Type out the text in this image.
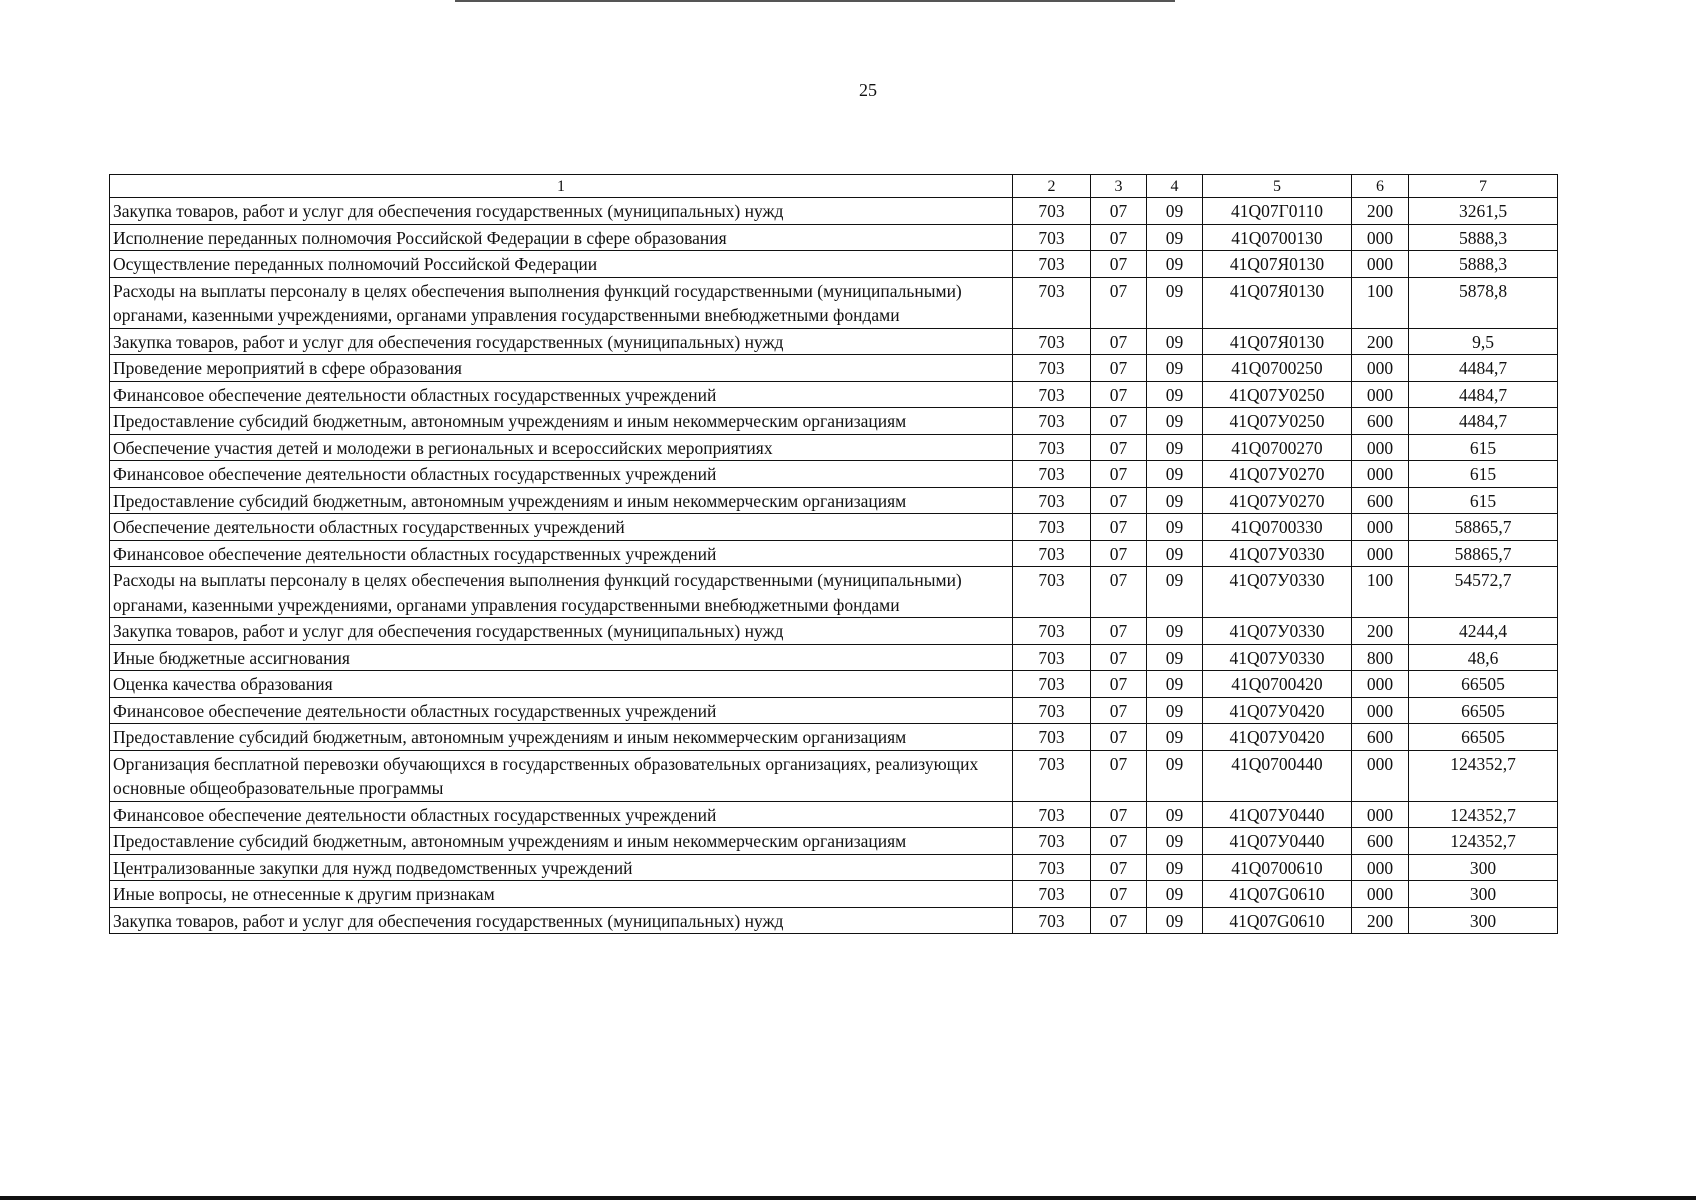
25
1	2	3	4	5	6	7
Закупка товаров, работ и услуг для обеспечения государственных (муниципальных) нужд	703	07	09	41Q07Г0110	200	3261,5
Исполнение переданных полномочия Российской Федерации в сфере образования	703	07	09	41Q0700130	000	5888,3
Осуществление переданных полномочий Российской Федерации	703	07	09	41Q07Я0130	000	5888,3
Расходы на выплаты персоналу в целях обеспечения выполнения функций государственными (муниципальными) органами, казенными учреждениями, органами управления государственными внебюджетными фондами	703	07	09	41Q07Я0130	100	5878,8
Закупка товаров, работ и услуг для обеспечения государственных (муниципальных) нужд	703	07	09	41Q07Я0130	200	9,5
Проведение мероприятий в сфере образования	703	07	09	41Q0700250	000	4484,7
Финансовое обеспечение деятельности областных государственных учреждений	703	07	09	41Q07У0250	000	4484,7
Предоставление субсидий бюджетным, автономным учреждениям и иным некоммерческим организациям	703	07	09	41Q07У0250	600	4484,7
Обеспечение участия детей и молодежи в региональных и всероссийских мероприятиях	703	07	09	41Q0700270	000	615
Финансовое обеспечение деятельности областных государственных учреждений	703	07	09	41Q07У0270	000	615
Предоставление субсидий бюджетным, автономным учреждениям и иным некоммерческим организациям	703	07	09	41Q07У0270	600	615
Обеспечение деятельности областных государственных учреждений	703	07	09	41Q0700330	000	58865,7
Финансовое обеспечение деятельности областных государственных учреждений	703	07	09	41Q07У0330	000	58865,7
Расходы на выплаты персоналу в целях обеспечения выполнения функций государственными (муниципальными) органами, казенными учреждениями, органами управления государственными внебюджетными фондами	703	07	09	41Q07У0330	100	54572,7
Закупка товаров, работ и услуг для обеспечения государственных (муниципальных) нужд	703	07	09	41Q07У0330	200	4244,4
Иные бюджетные ассигнования	703	07	09	41Q07У0330	800	48,6
Оценка качества образования	703	07	09	41Q0700420	000	66505
Финансовое обеспечение деятельности областных государственных учреждений	703	07	09	41Q07У0420	000	66505
Предоставление субсидий бюджетным, автономным учреждениям и иным некоммерческим организациям	703	07	09	41Q07У0420	600	66505
Организация бесплатной перевозки обучающихся в государственных образовательных организациях, реализующих основные общеобразовательные программы	703	07	09	41Q0700440	000	124352,7
Финансовое обеспечение деятельности областных государственных учреждений	703	07	09	41Q07У0440	000	124352,7
Предоставление субсидий бюджетным, автономным учреждениям и иным некоммерческим организациям	703	07	09	41Q07У0440	600	124352,7
Централизованные закупки для нужд подведомственных учреждений	703	07	09	41Q0700610	000	300
Иные вопросы, не отнесенные к другим признакам	703	07	09	41Q07G0610	000	300
Закупка товаров, работ и услуг для обеспечения государственных (муниципальных) нужд	703	07	09	41Q07G0610	200	300
